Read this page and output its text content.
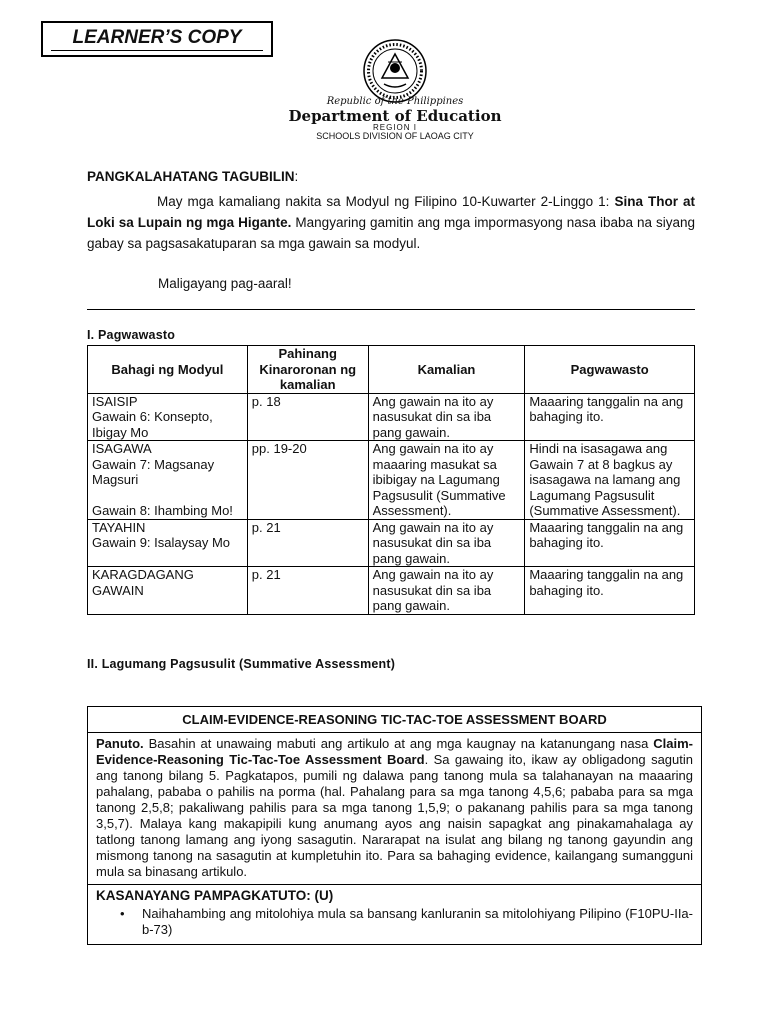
LEARNER’S COPY
Republic of the Philippines
Department of Education
REGION I
SCHOOLS DIVISION OF LAOAG CITY
PANGKALAHATANG TAGUBILIN:
May mga kamaliang nakita sa Modyul ng Filipino 10-Kuwarter 2-Linggo 1: Sina Thor at Loki sa Lupain ng mga Higante. Mangyaring gamitin ang mga impormasyong nasa ibaba na siyang gabay sa pagsasakatuparan sa mga gawain sa modyul.
Maligayang pag-aaral!
I. Pagwawasto
Bahagi ng Modyul	Pahinang Kinaroronan ng kamalian	Kamalian	Pagwawasto
ISAISIP
Gawain 6: Konsepto, Ibigay Mo	p. 18	Ang gawain na ito ay nasusukat din sa iba pang gawain.	Maaaring tanggalin na ang bahaging ito.
ISAGAWA
Gawain 7: Magsanay Magsuri

Gawain 8: Ihambing Mo!	pp. 19-20	Ang gawain na ito ay maaaring masukat sa ibibigay na Lagumang Pagsusulit (Summative Assessment).	Hindi na isasagawa ang Gawain 7 at 8 bagkus ay isasagawa na lamang ang Lagumang Pagsusulit (Summative Assessment).
TAYAHIN
Gawain 9: Isalaysay Mo	p. 21	Ang gawain na ito ay nasusukat din sa iba pang gawain.	Maaaring tanggalin na ang bahaging ito.
KARAGDAGANG GAWAIN	p. 21	Ang gawain na ito ay nasusukat din sa iba pang gawain.	Maaaring tanggalin na ang bahaging ito.
II. Lagumang Pagsusulit (Summative Assessment)
CLAIM-EVIDENCE-REASONING TIC-TAC-TOE ASSESSMENT BOARD
Panuto. Basahin at unawaing mabuti ang artikulo at ang mga kaugnay na katanungang nasa Claim-Evidence-Reasoning Tic-Tac-Toe Assessment Board. Sa gawaing ito, ikaw ay obligadong sagutin ang tanong bilang 5. Pagkatapos, pumili ng dalawa pang tanong mula sa talahanayan na maaaring pahalang, pababa o pahilis na porma (hal. Pahalang para sa mga tanong 4,5,6; pababa para sa mga tanong 2,5,8; pakaliwang pahilis para sa mga tanong 1,5,9; o pakanang pahilis para sa mga tanong 3,5,7). Malaya kang makapipili kung anumang ayos ang naisin sapagkat ang pinakamahalaga ay tatlong tanong lamang ang iyong sasagutin. Nararapat na isulat ang bilang ng tanong gayundin ang mismong tanong na sasagutin at kumpletuhin ito. Para sa bahaging evidence, kailangang sumangguni mula sa binasang artikulo.
KASANAYANG PAMPAGKATUTO: (U)
•	Naihahambing ang mitolohiya mula sa bansang kanluranin sa mitolohiyang Pilipino (F10PU-IIa-b-73)
